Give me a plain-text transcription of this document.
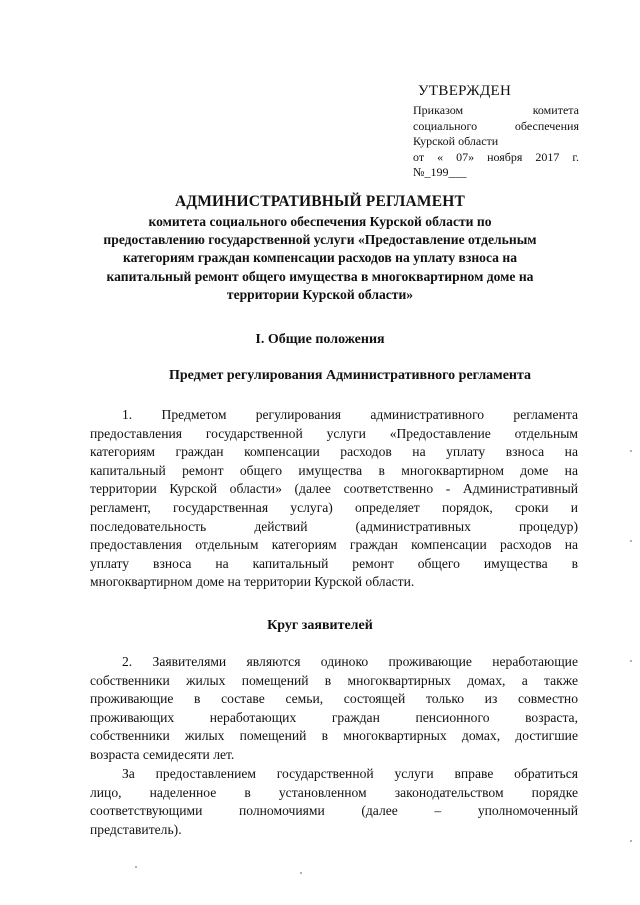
УТВЕРЖДЕН
Приказом комитета
социального обеспечения
Курской области
от « 07» ноября 2017 г.
№_199___
АДМИНИСТРАТИВНЫЙ РЕГЛАМЕНТ
комитета социального обеспечения Курской области по
предоставлению государственной услуги «Предоставление отдельным
категориям граждан компенсации расходов на уплату взноса на
капитальный ремонт общего имущества в многоквартирном доме на
территории Курской области»
I. Общие положения
Предмет регулирования Административного регламента
1. Предметом регулирования административного регламента
предоставления государственной услуги «Предоставление отдельным
категориям граждан компенсации расходов на уплату взноса на
капитальный ремонт общего имущества в многоквартирном доме на
территории Курской области» (далее соответственно - Административный
регламент, государственная услуга) определяет порядок, сроки и
последовательность действий (административных процедур)
предоставления отдельным категориям граждан компенсации расходов на
уплату взноса на капитальный ремонт общего имущества в
многоквартирном доме на территории Курской области.
Круг заявителей
2. Заявителями являются одиноко проживающие неработающие
собственники жилых помещений в многоквартирных домах, а также
проживающие в составе семьи, состоящей только из совместно
проживающих неработающих граждан пенсионного возраста,
собственники жилых помещений в многоквартирных домах, достигшие
возраста семидесяти лет.
За предоставлением государственной услуги вправе обратиться
лицо, наделенное в установленном законодательством порядке
соответствующими полномочиями (далее – уполномоченный
представитель).
